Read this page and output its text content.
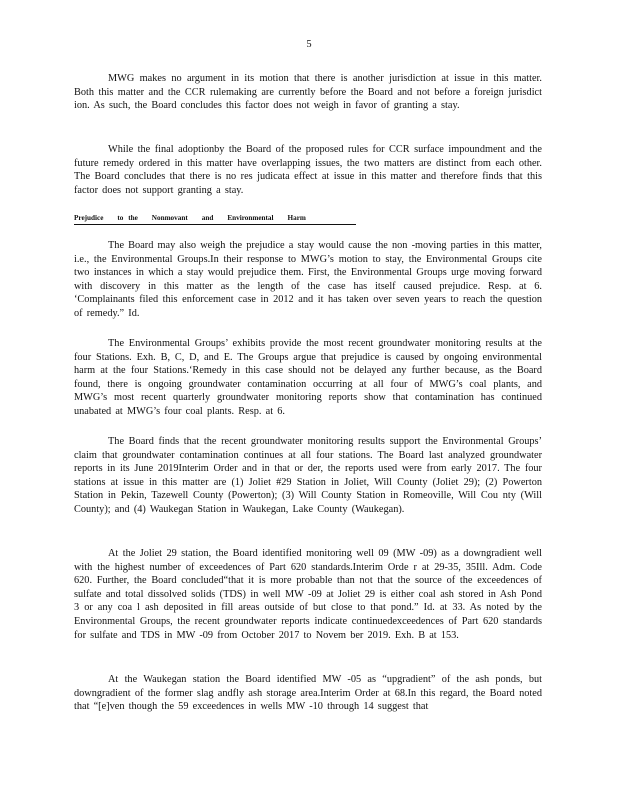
5

MWG makes no argument in its motion that there is another jurisdiction at issue in this matter. Both this matter and the CCR rulemaking are currently before the Board and not before a foreign jurisdict ion. As such, the Board concludes this factor does not weigh in favor of granting a stay.

While the final adoptionby the Board of the proposed rules for CCR surface impoundment and the future remedy ordered in this matter have overlapping issues, the two matters are distinct from each other. The Board concludes that there is no res judicata effect at issue in this matter and therefore finds that this factor does not support granting a stay.

Prejudice to the Nonmovant and Environmental Harm

The Board may also weigh the prejudice a stay would cause the non -moving parties in this matter, i.e., the Environmental Groups.In their response to MWG’s motion to stay, the Environmental Groups cite two instances in which a stay would prejudice them. First, the Environmental Groups urge moving forward with discovery in this matter as the length of the case has itself caused prejudice. Resp. at 6. ‘Complainants filed this enforcement case in 2012 and it has taken over seven years to reach the question of remedy.” Id.

The Environmental Groups’ exhibits provide the most recent groundwater monitoring results at the four Stations. Exh. B, C, D, and E. The Groups argue that prejudice is caused by ongoing environmental harm at the four Stations.‘Remedy in this case should not be delayed any further because, as the Board found, there is ongoing groundwater contamination occurring at all four of MWG’s coal plants, and MWG’s most recent quarterly groundwater monitoring reports show that contamination has continued unabated at MWG’s four coal plants. Resp. at 6.

The Board finds that the recent groundwater monitoring results support the Environmental Groups’ claim that groundwater contamination continues at all four stations. The Board last analyzed groundwater reports in its June 2019Interim Order and in that or der, the reports used were from early 2017. The four stations at issue in this matter are (1) Joliet #29 Station in Joliet, Will County (Joliet 29); (2) Powerton Station in Pekin, Tazewell County (Powerton); (3) Will County Station in Romeoville, Will Cou nty (Will County); and (4) Waukegan Station in Waukegan, Lake County (Waukegan).

At the Joliet 29 station, the Board identified monitoring well 09 (MW -09) as a downgradient well with the highest number of exceedences of Part 620 standards.Interim Orde r at 29-35, 35Ill. Adm. Code 620. Further, the Board concluded“that it is more probable than not that the source of the exceedences of sulfate and total dissolved solids (TDS) in well MW -09 at Joliet 29 is either coal ash stored in Ash Pond 3 or any coa l ash deposited in fill areas outside of but close to that pond.” Id. at 33. As noted by the Environmental Groups, the recent groundwater reports indicate continuedexceedences of Part 620 standards for sulfate and TDS in MW -09 from October 2017 to Novem ber 2019. Exh. B at 153.

At the Waukegan station the Board identified MW -05 as “upgradient” of the ash ponds, but downgradient of the former slag andfly ash storage area.Interim Order at 68.In this regard, the Board noted that “[e]ven though the 59 exceedences in wells MW -10 through 14 suggest that
